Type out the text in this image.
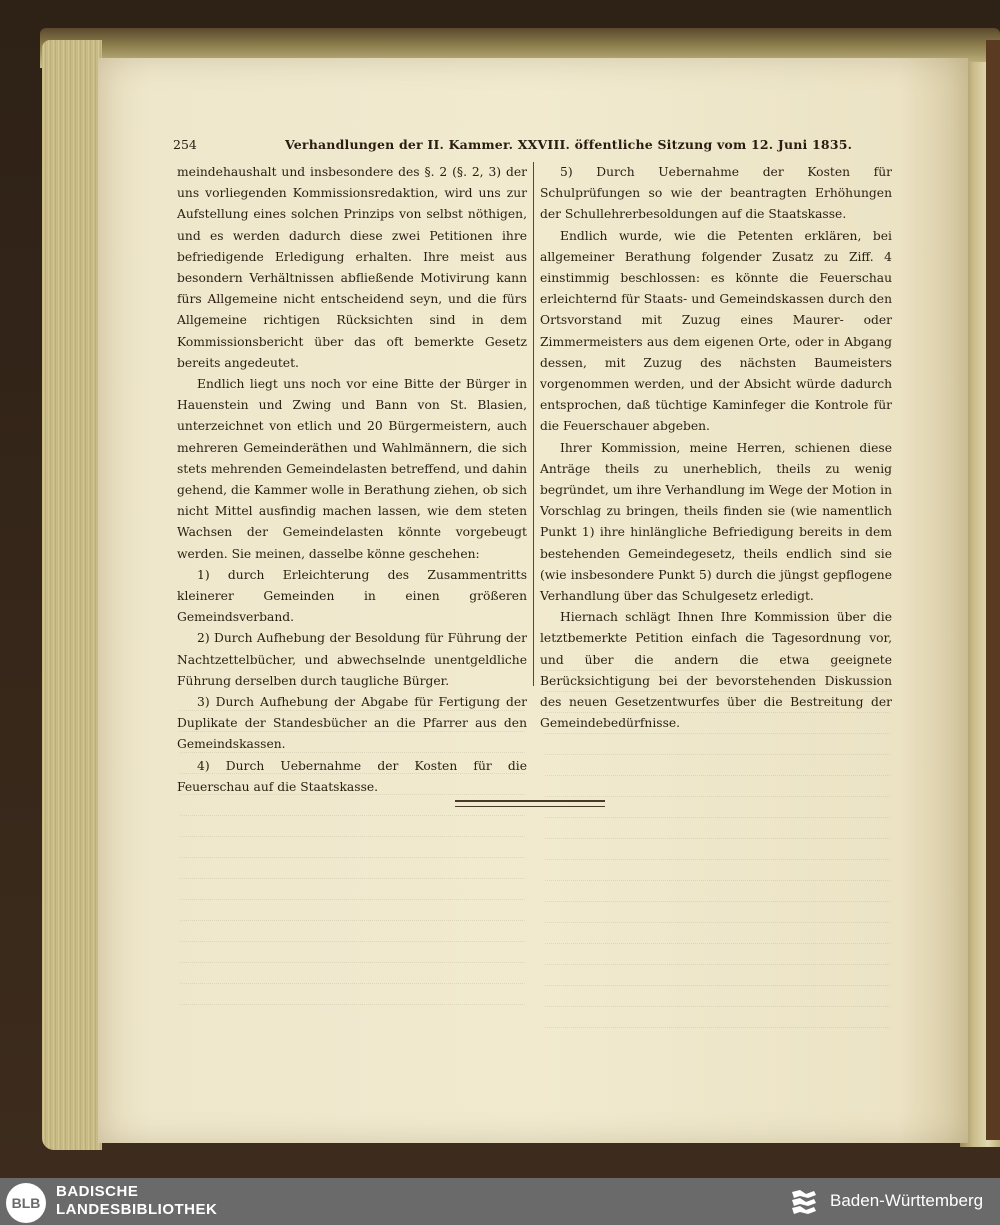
254	Verhandlungen der II. Kammer. XXVIII. öffentliche Sitzung vom 12. Juni 1835.

meindehaushalt und insbesondere des §. 2 (§. 2, 3) der uns vorliegenden Kommissionsredaktion, wird uns zur Aufstellung eines solchen Prinzips von selbst nöthigen, und es werden dadurch diese zwei Petitionen ihre befriedigende Erledigung erhalten. Ihre meist aus besondern Verhältnissen abfließende Motivirung kann fürs Allgemeine nicht entscheidend seyn, und die fürs Allgemeine richtigen Rücksichten sind in dem Kommissionsbericht über das oft bemerkte Gesetz bereits angedeutet.

Endlich liegt uns noch vor eine Bitte der Bürger in Hauenstein und Zwing und Bann von St. Blasien, unterzeichnet von etlich und 20 Bürgermeistern, auch mehreren Gemeinderäthen und Wahlmännern, die sich stets mehrenden Gemeindelasten betreffend, und dahin gehend, die Kammer wolle in Berathung ziehen, ob sich nicht Mittel ausfindig machen lassen, wie dem steten Wachsen der Gemeindelasten könnte vorgebeugt werden. Sie meinen, dasselbe könne geschehen:

1) durch Erleichterung des Zusammentritts kleinerer Gemeinden in einen größeren Gemeindsverband.

2) Durch Aufhebung der Besoldung für Führung der Nachtzettelbücher, und abwechselnde unentgeldliche Führung derselben durch taugliche Bürger.

3) Durch Aufhebung der Abgabe für Fertigung der Duplikate der Standesbücher an die Pfarrer aus den Gemeindskassen.

4) Durch Uebernahme der Kosten für die Feuerschau auf die Staatskasse.

5) Durch Uebernahme der Kosten für Schulprüfungen so wie der beantragten Erhöhungen der Schullehrerbesoldungen auf die Staatskasse.

Endlich wurde, wie die Petenten erklären, bei allgemeiner Berathung folgender Zusatz zu Ziff. 4 einstimmig beschlossen: es könnte die Feuerschau erleichternd für Staats- und Gemeindskassen durch den Ortsvorstand mit Zuzug eines Maurer- oder Zimmermeisters aus dem eigenen Orte, oder in Abgang dessen, mit Zuzug des nächsten Baumeisters vorgenommen werden, und der Absicht würde dadurch entsprochen, daß tüchtige Kaminfeger die Kontrole für die Feuerschauer abgeben.

Ihrer Kommission, meine Herren, schienen diese Anträge theils zu unerheblich, theils zu wenig begründet, um ihre Verhandlung im Wege der Motion in Vorschlag zu bringen, theils finden sie (wie namentlich Punkt 1) ihre hinlängliche Befriedigung bereits in dem bestehenden Gemeindegesetz, theils endlich sind sie (wie insbesondere Punkt 5) durch die jüngst gepflogene Verhandlung über das Schulgesetz erledigt.

Hiernach schlägt Ihnen Ihre Kommission über die letztbemerkte Petition einfach die Tagesordnung vor, und über die andern die etwa geeignete Berücksichtigung bei der bevorstehenden Diskussion des neuen Gesetzentwurfes über die Bestreitung der Gemeindebedürfnisse.

BLB
BADISCHE
LANDESBIBLIOTHEK	Baden-Württemberg
